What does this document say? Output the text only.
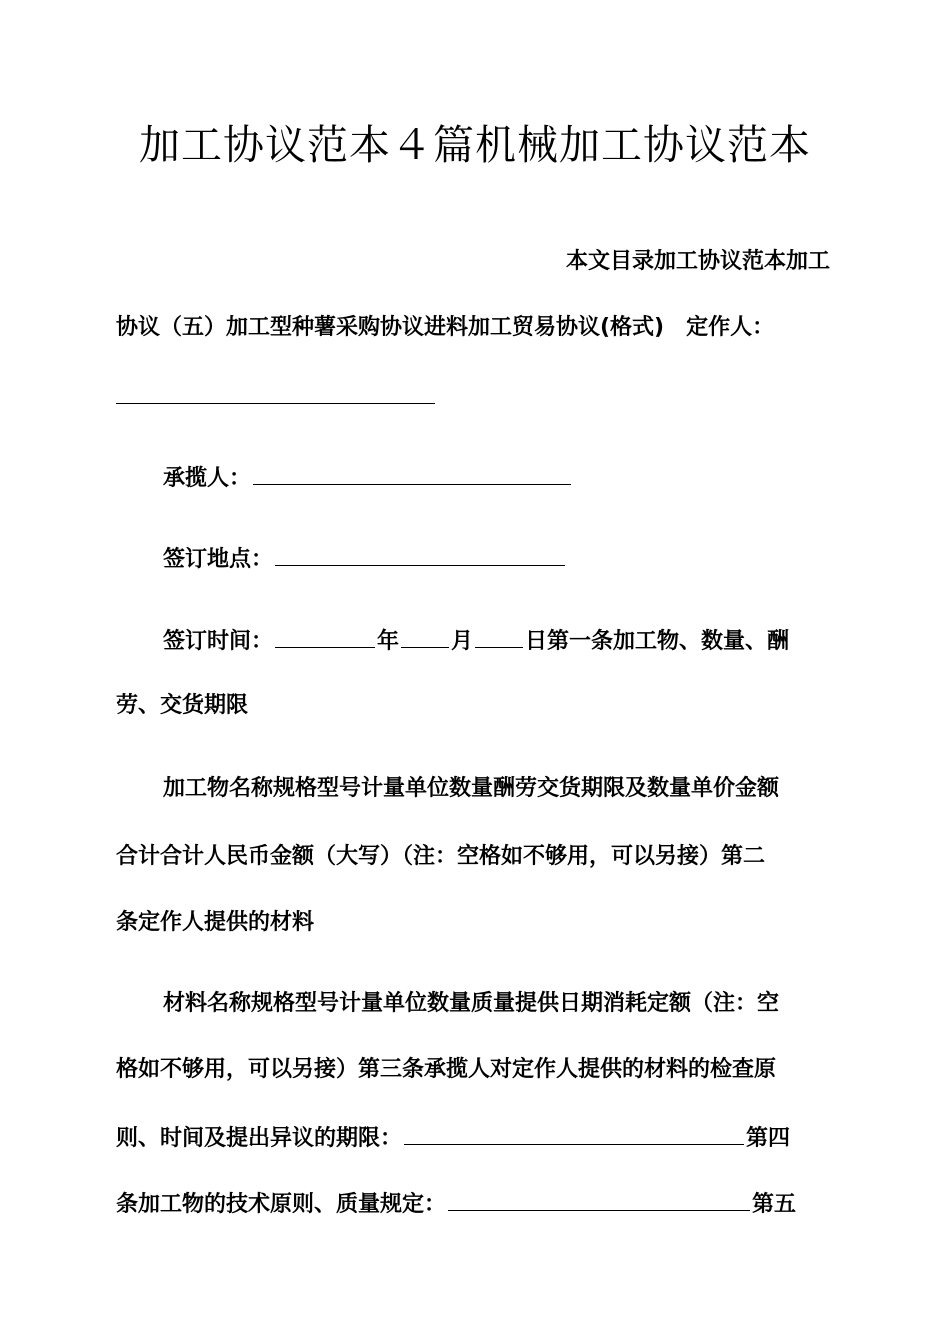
加工协议范本４篇机械加工协议范本
本文目录加工协议范本加工
协议（五）加工型种薯采购协议进料加工贸易协议(格式)　定作人：
承揽人：
签订地点：
签订时间：	年 月 日第一条加工物、数量、酬
劳、交货期限
加工物名称规格型号计量单位数量酬劳交货期限及数量单价金额
合计合计人民币金额（大写）（注：空格如不够用，可以另接）第二
条定作人提供的材料
材料名称规格型号计量单位数量质量提供日期消耗定额（注：空
格如不够用，可以另接）第三条承揽人对定作人提供的材料的检查原
则、时间及提出异议的期限：	第四
条加工物的技术原则、质量规定：	第五
